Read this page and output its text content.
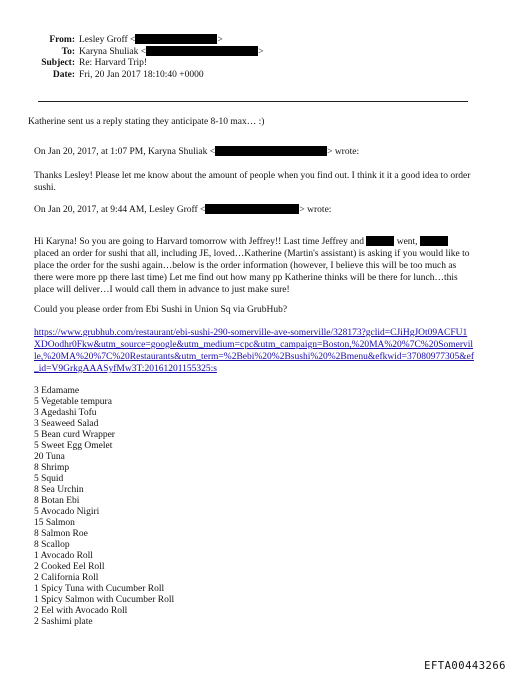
From: Lesley Groff <	>
To: Karyna Shuliak <	>
Subject: Re: Harvard Trip!
Date: Fri, 20 Jan 2017 18:10:40 +0000
Katherine sent us a reply stating they anticipate 8-10 max… :)
On Jan 20, 2017, at 1:07 PM, Karyna Shuliak <	> wrote:
Thanks Lesley! Please let me know about the amount of people when you find out. I think it it a good idea to order sushi.
On Jan 20, 2017, at 9:44 AM, Lesley Groff <	> wrote:
Hi Karyna! So you are going to Harvard tomorrow with Jeffrey!! Last time Jeffrey and	went,  placed an order for sushi that all, including JE, loved…Katherine (Martin's assistant) is asking if you would like to place the order for the sushi again…below is the order information (however, I believe this will be too much as there were more pp there last time) Let me find out how many pp Katherine thinks will be there for lunch…this place will deliver…I would call them in advance to just make sure!
Could you please order from Ebi Sushi in Union Sq via GrubHub?
https://www.grubhub.com/restaurant/ebi-sushi-290-somerville-ave-somerville/328173?gclid=CJiHgJOt09ACFU1XDOodhr0Fkw&utm_source=google&utm_medium=cpc&utm_campaign=Boston,%20MA%20%7C%20Somerville,%20MA%20%7C%20Restaurants&utm_term=%2Bebi%20%2Bsushi%20%2Bmenu&efkwid=37080977305&ef_id=V9GrkgAAASyfMw3T:20161201155325:s
3 Edamame
5 Vegetable tempura
3 Agedashi Tofu
3 Seaweed Salad
5 Bean curd Wrapper
5 Sweet Egg Omelet
20 Tuna
8 Shrimp
5 Squid
8 Sea Urchin
8 Botan Ebi
5 Avocado Nigiri
15 Salmon
8 Salmon Roe
8 Scallop
1 Avocado Roll
2 Cooked Eel Roll
2 California Roll
1 Spicy Tuna with Cucumber Roll
1 Spicy Salmon with Cucumber Roll
2 Eel with Avocado Roll
2 Sashimi plate
EFTA00443266
